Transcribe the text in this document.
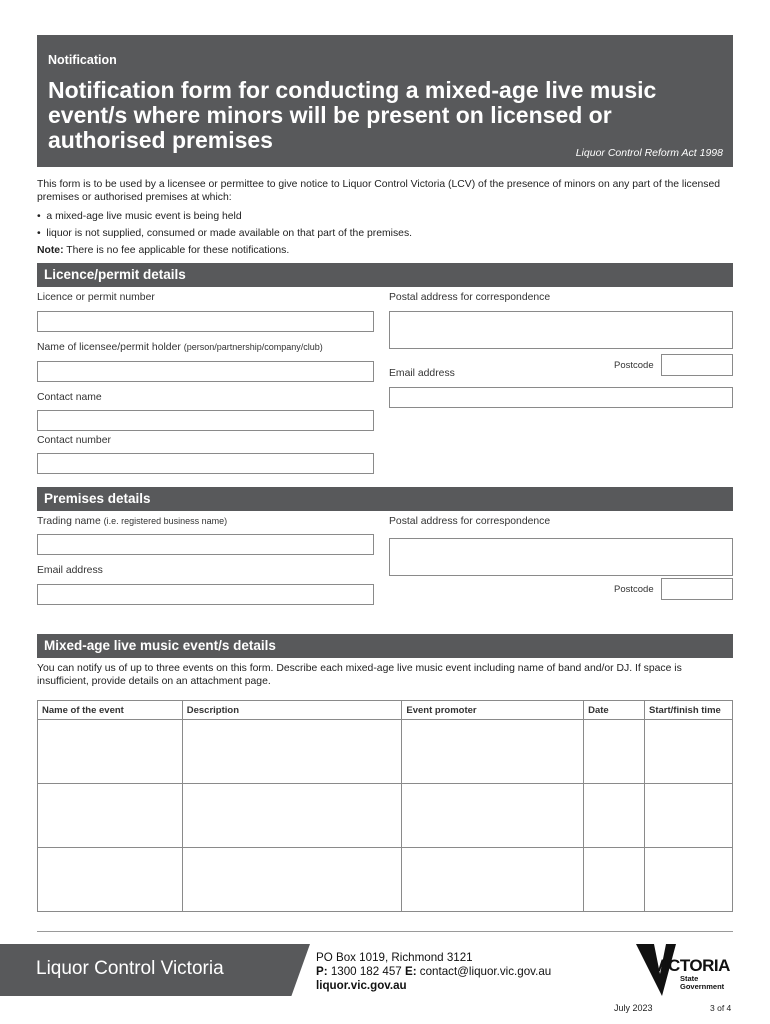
Notification
Notification form for conducting a mixed-age live music event/s where minors will be present on licensed or authorised premises	Liquor Control Reform Act 1998
This form is to be used by a licensee or permittee to give notice to Liquor Control Victoria (LCV) of the presence of minors on any part of the licensed premises or authorised premises at which:
•  a mixed-age live music event is being held
•  liquor is not supplied, consumed or made available on that part of the premises.
Note: There is no fee applicable for these notifications.
Licence/permit details
Licence or permit number
Name of licensee/permit holder (person/partnership/company/club)
Contact name
Contact number
Postal address for correspondence
Postcode
Email address
Premises details
Trading name (i.e. registered business name)
Email address
Postal address for correspondence
Postcode
Mixed-age live music event/s details
You can notify us of up to three events on this form. Describe each mixed-age live music event including name of band and/or DJ. If space is insufficient, provide details on an attachment page.
Name of the event	Description	Event promoter	Date	Start/finish time

Liquor Control Victoria
PO Box 1019, Richmond 3121
P: 1300 182 457 E: contact@liquor.vic.gov.au
liquor.vic.gov.au
VICTORIA
State
Government
July 2023	3 of 4
